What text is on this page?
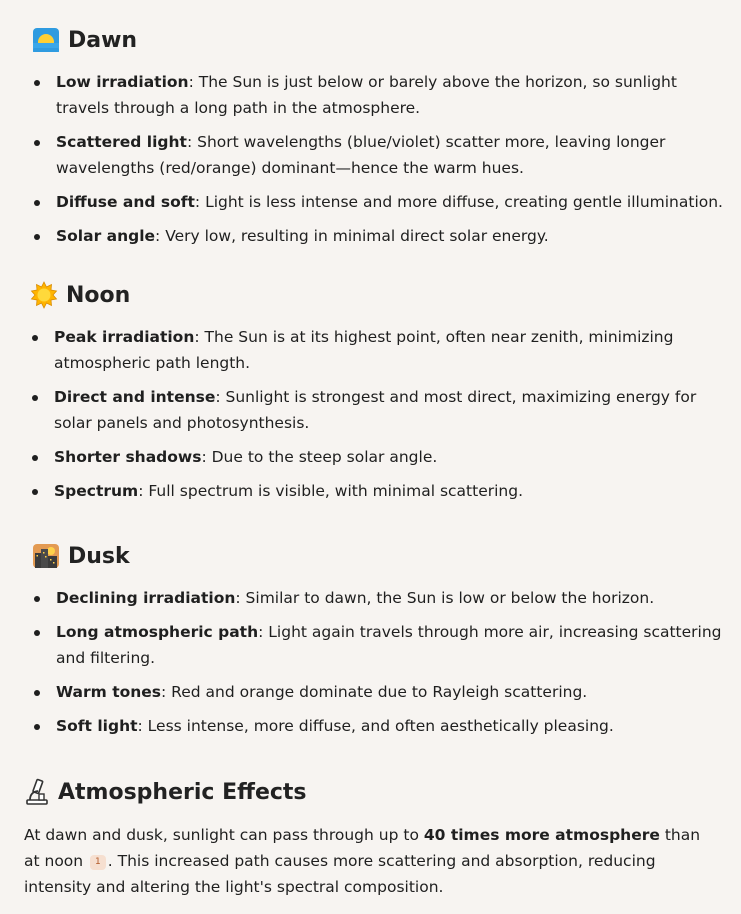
Dawn
Low irradiation: The Sun is just below or barely above the horizon, so sunlight travels through a long path in the atmosphere.
Scattered light: Short wavelengths (blue/violet) scatter more, leaving longer wavelengths (red/orange) dominant—hence the warm hues.
Diffuse and soft: Light is less intense and more diffuse, creating gentle illumination.
Solar angle: Very low, resulting in minimal direct solar energy.
Noon
Peak irradiation: The Sun is at its highest point, often near zenith, minimizing atmospheric path length.
Direct and intense: Sunlight is strongest and most direct, maximizing energy for solar panels and photosynthesis.
Shorter shadows: Due to the steep solar angle.
Spectrum: Full spectrum is visible, with minimal scattering.
Dusk
Declining irradiation: Similar to dawn, the Sun is low or below the horizon.
Long atmospheric path: Light again travels through more air, increasing scattering and filtering.
Warm tones: Red and orange dominate due to Rayleigh scattering.
Soft light: Less intense, more diffuse, and often aesthetically pleasing.
Atmospheric Effects

At dawn and dusk, sunlight can pass through up to 40 times more atmosphere than at noon 1 . This increased path causes more scattering and absorption, reducing intensity and altering the light's spectral composition.
